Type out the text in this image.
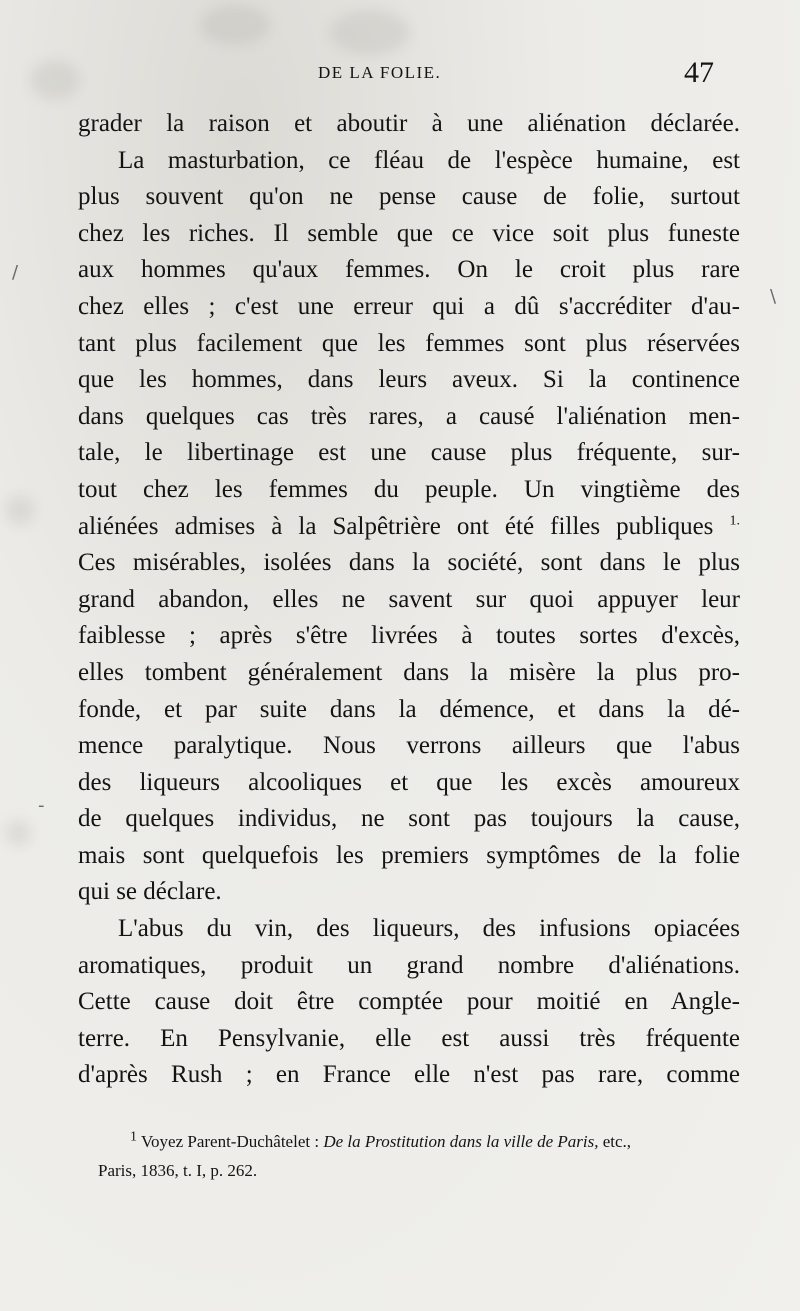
/
\
-
DE LA FOLIE.	47
grader la raison et aboutir à une aliénation déclarée.
La masturbation, ce fléau de l'espèce humaine, est
plus souvent qu'on ne pense cause de folie, surtout
chez les riches. Il semble que ce vice soit plus funeste
aux hommes qu'aux femmes. On le croit plus rare
chez elles ; c'est une erreur qui a dû s'accréditer d'au-
tant plus facilement que les femmes sont plus réservées
que les hommes, dans leurs aveux. Si la continence
dans quelques cas très rares, a causé l'aliénation men-
tale, le libertinage est une cause plus fréquente, sur-
tout chez les femmes du peuple. Un vingtième des
aliénées admises à la Salpêtrière ont été filles publiques $^{1.}$
Ces misérables, isolées dans la société, sont dans le plus
grand abandon, elles ne savent sur quoi appuyer leur
faiblesse ; après s'être livrées à toutes sortes d'excès,
elles tombent généralement dans la misère la plus pro-
fonde, et par suite dans la démence, et dans la dé-
mence paralytique. Nous verrons ailleurs que l'abus
des liqueurs alcooliques et que les excès amoureux
de quelques individus, ne sont pas toujours la cause,
mais sont quelquefois les premiers symptômes de la folie
qui se déclare.
L'abus du vin, des liqueurs, des infusions opiacées
aromatiques, produit un grand nombre d'aliénations.
Cette cause doit être comptée pour moitié en Angle-
terre. En Pensylvanie, elle est aussi très fréquente
d'après Rush ; en France elle n'est pas rare, comme
$^1$ Voyez Parent-Duchâtelet : De la Prostitution dans la ville de Paris, etc.,
Paris, 1836, t. I, p. 262.
